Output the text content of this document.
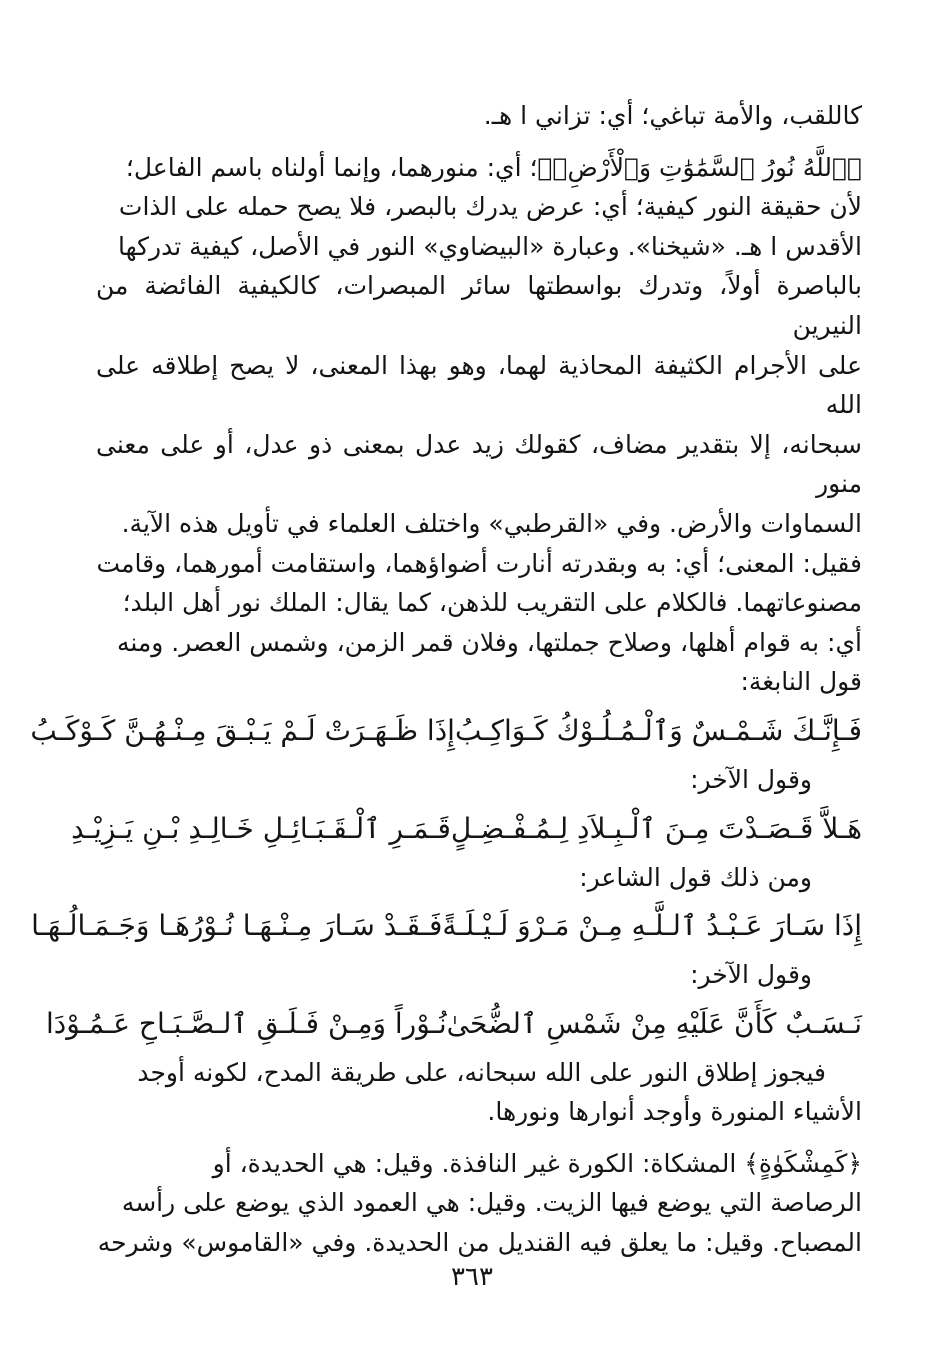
كاللقب، والأمة تباغي؛ أي: تزاني ا هـ.
﴿ٱللَّهُ نُورُ ٱلسَّمَٰوَٰتِ وَٱلْأَرْضِۚ﴾؛ أي: منورهما، وإنما أولناه باسم الفاعل؛
لأن حقيقة النور كيفية؛ أي: عرض يدرك بالبصر، فلا يصح حمله على الذات
الأقدس ا هـ. «شيخنا». وعبارة «البيضاوي» النور في الأصل، كيفية تدركها
بالباصرة أولاً، وتدرك بواسطتها سائر المبصرات، كالكيفية الفائضة من النيرين
على الأجرام الكثيفة المحاذية لهما، وهو بهذا المعنى، لا يصح إطلاقه على الله
سبحانه، إلا بتقدير مضاف، كقولك زيد عدل بمعنى ذو عدل، أو على معنى منور
السماوات والأرض. وفي «القرطبي» واختلف العلماء في تأويل هذه الآية.
فقيل: المعنى؛ أي: به وبقدرته أنارت أضواؤهما، واستقامت أمورهما، وقامت
مصنوعاتهما. فالكلام على التقريب للذهن، كما يقال: الملك نور أهل البلد؛
أي: به قوام أهلها، وصلاح جملتها، وفلان قمر الزمن، وشمس العصر. ومنه
قول النابغة:
فَـإِنَّـكَ شَـمْـسٌ وَٱلْـمُـلُـوْكُ كَـوَاكِـبُ
إِذَا ظَـهَـرَتْ لَـمْ يَـبْـقَ مِـنْـهُـنَّ كَـوْكَـبُ
وقول الآخر:
هَـلاَّ قَـصَـدْتَ مِـنَ ٱلْـبِـلاَدِ لِـمُـفْـضِـلٍ
قَـمَـرِ ٱلْـقَـبَـائِـلِ خَـالِـدِ بْـنِ يَـزِيْـدِ
ومن ذلك قول الشاعر:
إِذَا سَـارَ عَـبْـدُ ٱلـلَّـهِ مِـنْ مَـرْوَ لَـيْـلَـةً
فَـقَـدْ سَـارَ مِـنْـهَـا نُـوْرُهَـا وَجَـمَـالُـهَـا
وقول الآخر:
نَـسَـبٌ كَأَنَّ عَلَيْهِ مِنْ شَمْسِ ٱلضُّحَىٰ
نُـوْراً وَمِـنْ فَـلَـقِ ٱلـصَّـبَـاحِ عَـمُـوْدَا
فيجوز إطلاق النور على الله سبحانه، على طريقة المدح، لكونه أوجد
الأشياء المنورة وأوجد أنوارها ونورها.
﴿كَمِشْكَوٰةٍ﴾ المشكاة: الكورة غير النافذة. وقيل: هي الحديدة، أو
الرصاصة التي يوضع فيها الزيت. وقيل: هي العمود الذي يوضع على رأسه
المصباح. وقيل: ما يعلق فيه القنديل من الحديدة. وفي «القاموس» وشرحه
٣٦٣
